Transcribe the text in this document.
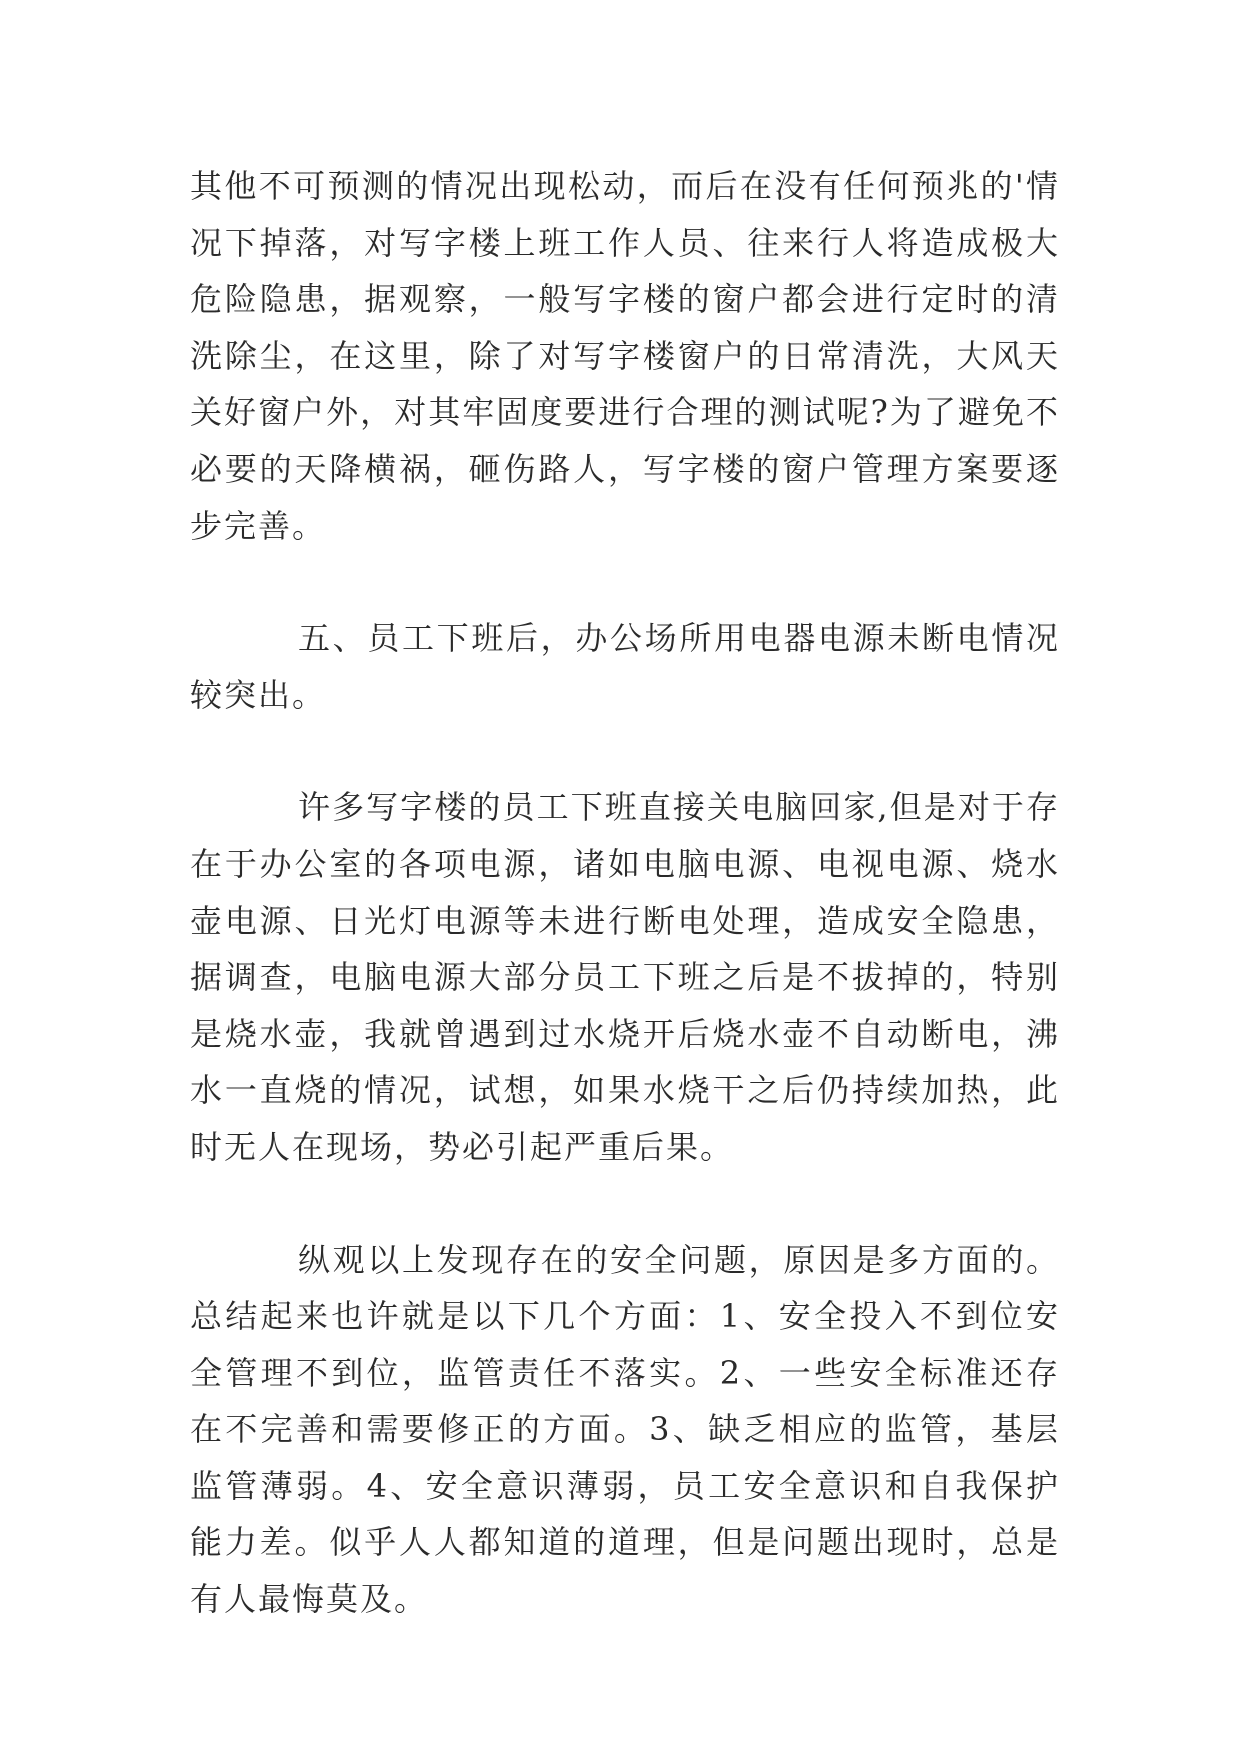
其他不可预测的情况出现松动，而后在没有任何预兆的'情况下掉落，对写字楼上班工作人员、往来行人将造成极大危险隐患，据观察，一般写字楼的窗户都会进行定时的清洗除尘，在这里，除了对写字楼窗户的日常清洗，大风天关好窗户外，对其牢固度要进行合理的测试呢?为了避免不必要的天降横祸，砸伤路人，写字楼的窗户管理方案要逐步完善。

五、员工下班后，办公场所用电器电源未断电情况较突出。

许多写字楼的员工下班直接关电脑回家,但是对于存在于办公室的各项电源，诸如电脑电源、电视电源、烧水壶电源、日光灯电源等未进行断电处理，造成安全隐患，据调查，电脑电源大部分员工下班之后是不拔掉的，特别是烧水壶，我就曾遇到过水烧开后烧水壶不自动断电，沸水一直烧的情况，试想，如果水烧干之后仍持续加热，此时无人在现场，势必引起严重后果。

纵观以上发现存在的安全问题，原因是多方面的。总结起来也许就是以下几个方面：1、安全投入不到位安全管理不到位，监管责任不落实。2、一些安全标准还存在不完善和需要修正的方面。3、缺乏相应的监管，基层监管薄弱。4、安全意识薄弱，员工安全意识和自我保护能力差。似乎人人都知道的道理，但是问题出现时，总是有人最悔莫及。
